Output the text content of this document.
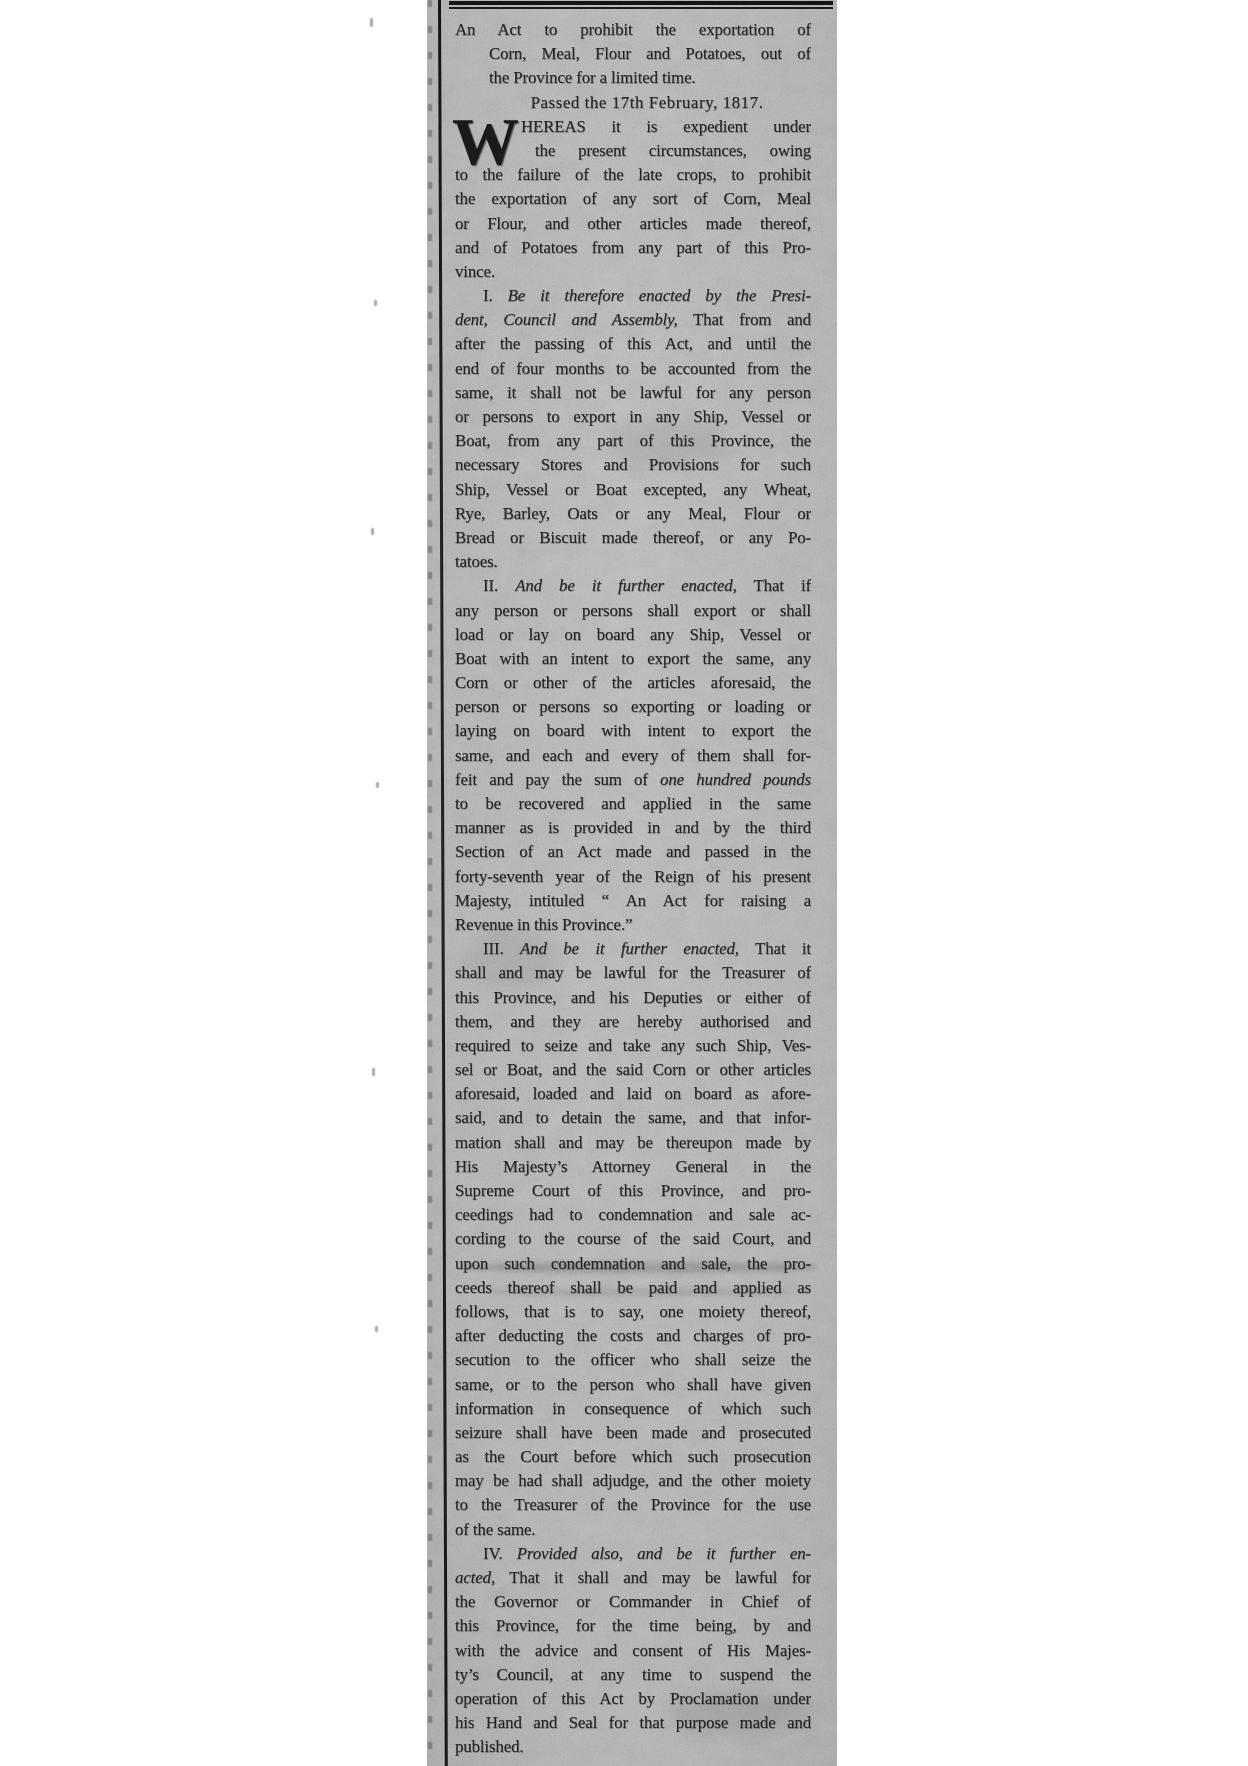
W
An Act to prohibit the exportation of
Corn, Meal, Flour and Potatoes, out of
the Province for a limited time.
Passed the 17th February, 1817.
HEREAS it is expedient under
the present circumstances, owing
to the failure of the late crops, to prohibit
the exportation of any sort of Corn, Meal
or Flour, and other articles made thereof,
and of Potatoes from any part of this Pro-
vince.
I. Be it therefore enacted by the Presi-
dent, Council and Assembly, That from and
after the passing of this Act, and until the
end of four months to be accounted from the
same, it shall not be lawful for any person
or persons to export in any Ship, Vessel or
Boat, from any part of this Province, the
necessary Stores and Provisions for such
Ship, Vessel or Boat excepted, any Wheat,
Rye, Barley, Oats or any Meal, Flour or
Bread or Biscuit made thereof, or any Po-
tatoes.
II. And be it further enacted, That if
any person or persons shall export or shall
load or lay on board any Ship, Vessel or
Boat with an intent to export the same, any
Corn or other of the articles aforesaid, the
person or persons so exporting or loading or
laying on board with intent to export the
same, and each and every of them shall for-
feit and pay the sum of one hundred pounds
to be recovered and applied in the same
manner as is provided in and by the third
Section of an Act made and passed in the
forty-seventh year of the Reign of his present
Majesty, intituled “ An Act for raising a
Revenue in this Province.”
III. And be it further enacted, That it
shall and may be lawful for the Treasurer of
this Province, and his Deputies or either of
them, and they are hereby authorised and
required to seize and take any such Ship, Ves-
sel or Boat, and the said Corn or other articles
aforesaid, loaded and laid on board as afore-
said, and to detain the same, and that infor-
mation shall and may be thereupon made by
His Majesty’s Attorney General in the
Supreme Court of this Province, and pro-
ceedings had to condemnation and sale ac-
cording to the course of the said Court, and
upon such condemnation and sale, the pro-
ceeds thereof shall be paid and applied as
follows, that is to say, one moiety thereof,
after deducting the costs and charges of pro-
secution to the officer who shall seize the
same, or to the person who shall have given
information in consequence of which such
seizure shall have been made and prosecuted
as the Court before which such prosecution
may be had shall adjudge, and the other moiety
to the Treasurer of the Province for the use
of the same.
IV. Provided also, and be it further en-
acted, That it shall and may be lawful for
the Governor or Commander in Chief of
this Province, for the time being, by and
with the advice and consent of His Majes-
ty’s Council, at any time to suspend the
operation of this Act by Proclamation under
his Hand and Seal for that purpose made and
published.
